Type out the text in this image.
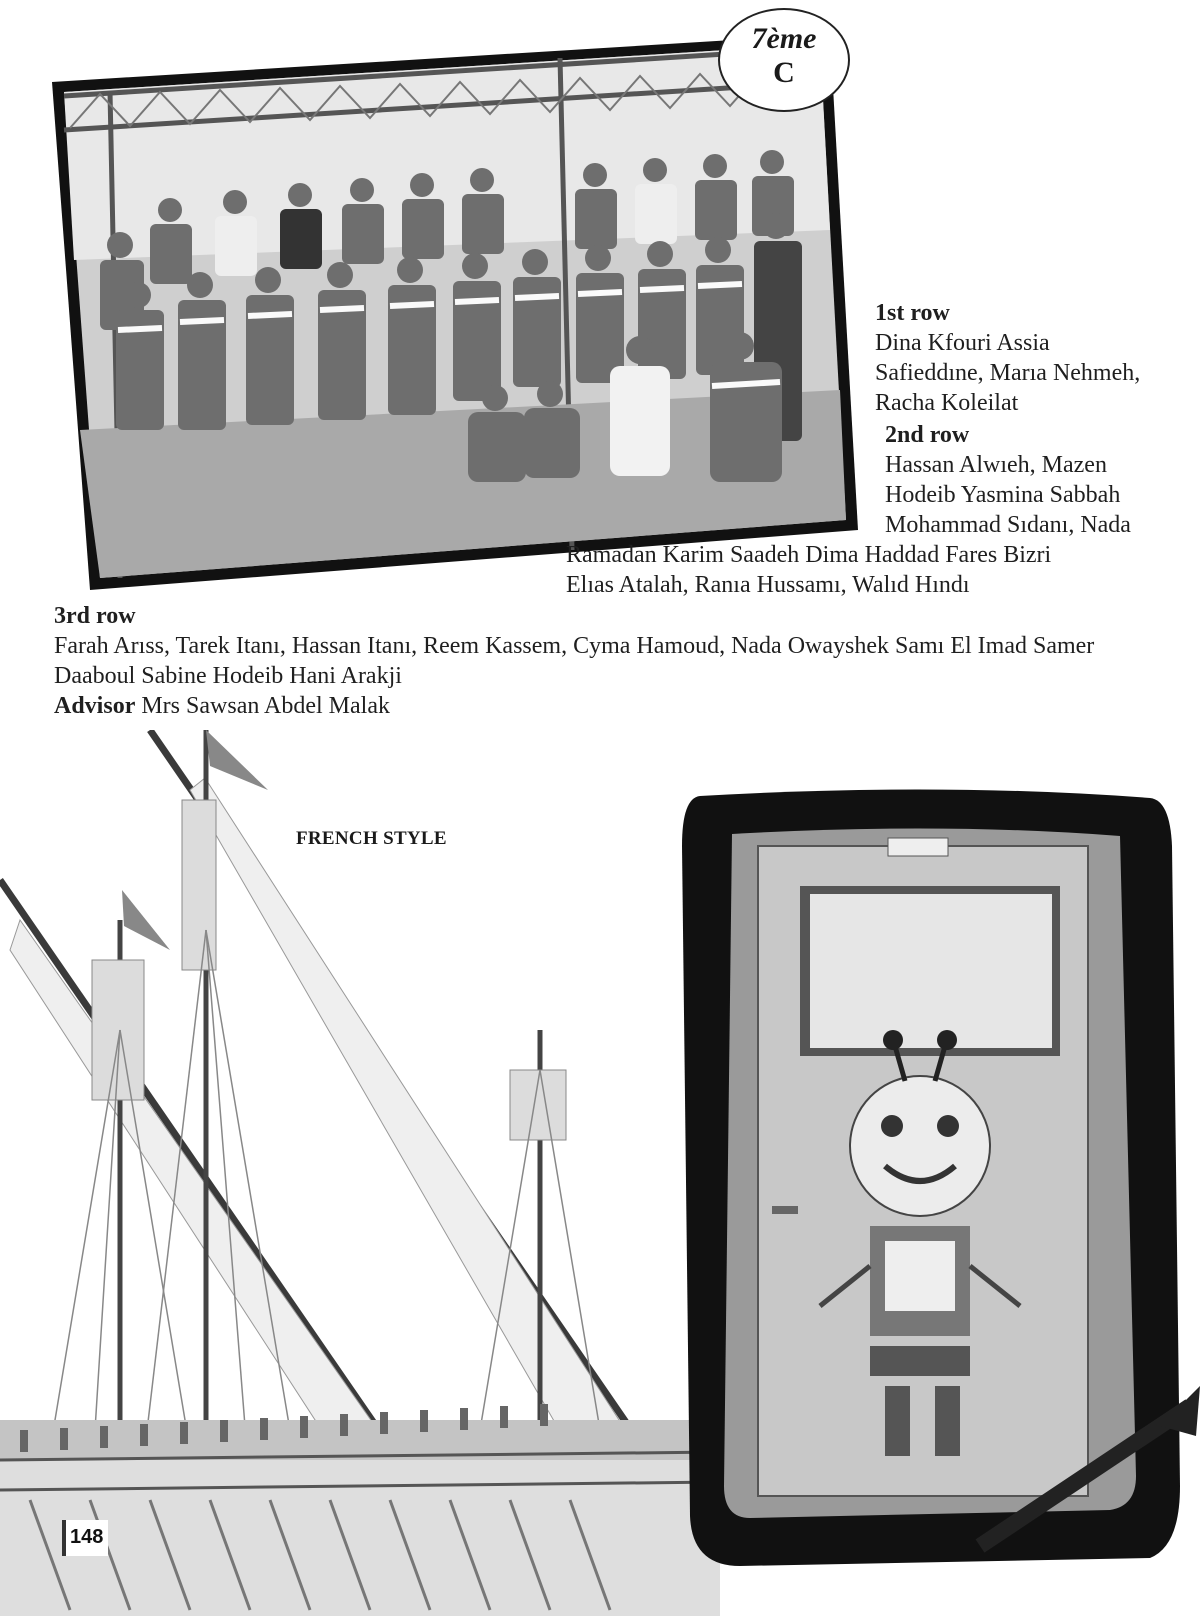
7ème
C
1st row
Dina Kfouri Assia
Safieddıne, Marıa Nehmeh,
Racha Koleilat
2nd row
Hassan Alwıeh, Mazen
Hodeib Yasmina Sabbah
Mohammad Sıdanı, Nada
Ramadan Karim Saadeh Dima Haddad Fares Bizri
Elıas Atalah, Ranıa Hussamı, Walıd Hındı
3rd row
Farah Arıss, Tarek Itanı, Hassan Itanı, Reem Kassem, Cyma Hamoud, Nada Owayshek Samı El Imad Samer
Daaboul Sabine Hodeib Hani Arakji
Advisor Mrs Sawsan Abdel Malak
FRENCH STYLE
148
